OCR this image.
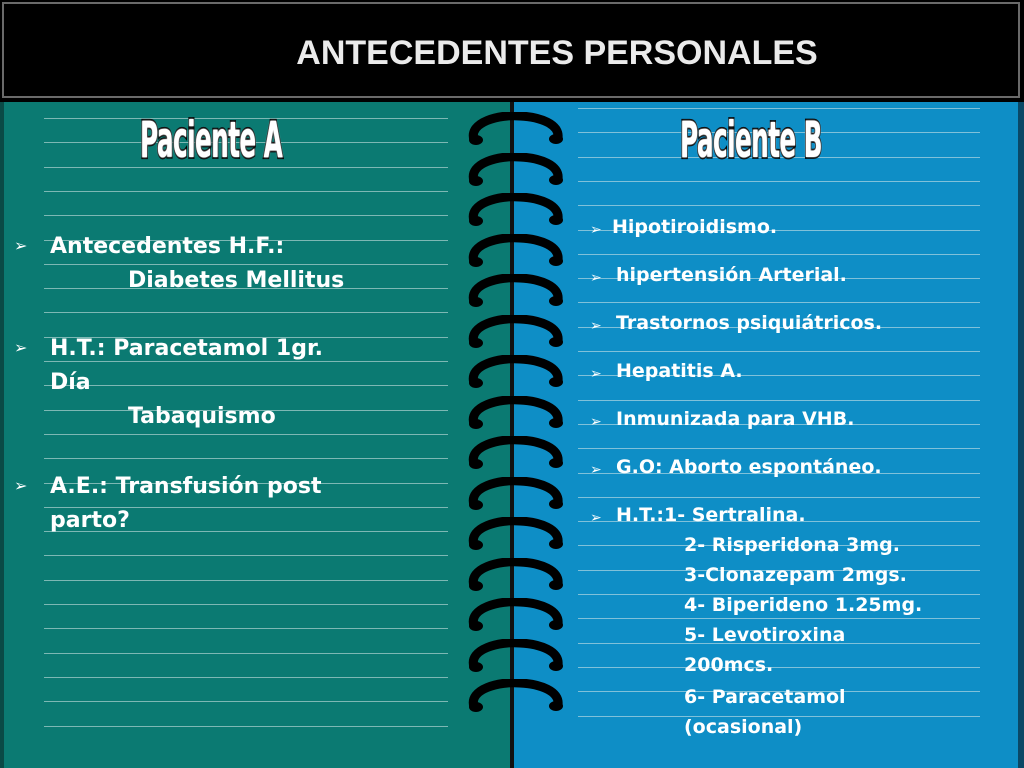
ANTECEDENTES PERSONALES
Paciente A	Paciente B
➢ Antecedentes H.F.:
Diabetes Mellitus
➢ H.T.: Paracetamol 1gr.
Día
Tabaquismo
➢ A.E.: Transfusión post
parto?
➢ Hipotiroidismo.
➢ hipertensión Arterial.
➢ Trastornos psiquiátricos.
➢ Hepatitis A.
➢ Inmunizada para VHB.
➢ G.O: Aborto espontáneo.
➢ H.T.:1- Sertralina.
2- Risperidona 3mg.
3-Clonazepam 2mgs.
4- Biperideno 1.25mg.
5- Levotiroxina
200mcs.
6- Paracetamol
(ocasional)
